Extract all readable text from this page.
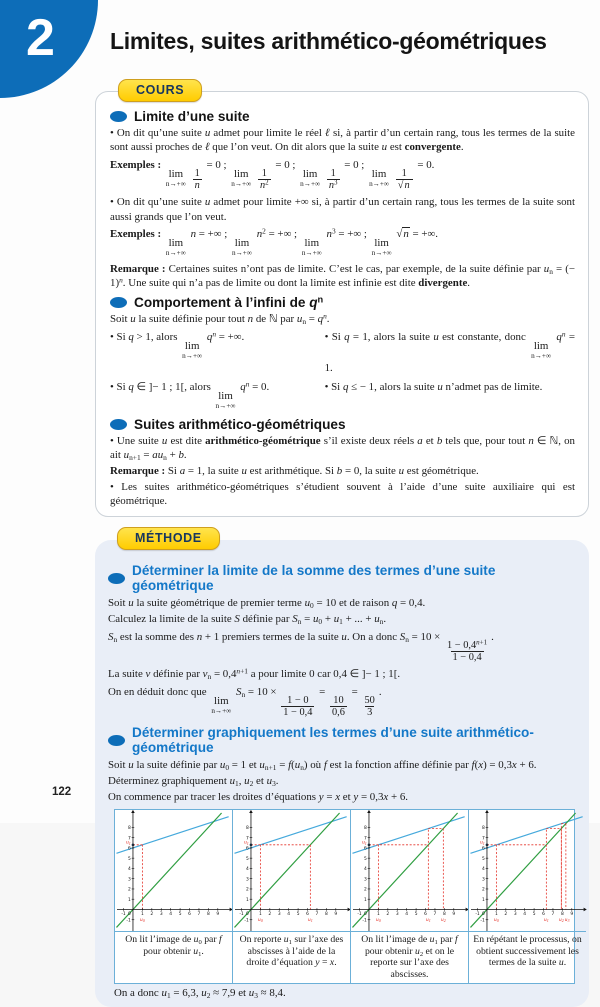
2	Limites, suites arithmético-géométriques
COURS
Limite d’une suite
• On dit qu’une suite u admet pour limite le réel ℓ si, à partir d’un certain rang, tous les termes de la suite sont aussi proches de ℓ que l’on veut. On dit alors que la suite u est convergente.
Exemples :
lim
n→+∞
$\frac{1}{n}$
= 0 ;
lim
n→+∞
$\frac{1}{n^2}$
= 0 ;
lim
n→+∞
$\frac{1}{n^3}$
= 0 ;
lim
n→+∞
$\frac{1}{√n}$
= 0.
• On dit qu’une suite u admet pour limite +∞ si, à partir d’un certain rang, tous les termes de la suite sont aussi grands que l’on veut.
Exemples :
lim
n→+∞
n = +∞ ;
lim
n→+∞
$n^2$ = +∞ ;
lim
n→+∞
$n^3$ = +∞ ;
lim
n→+∞
√n = +∞.
Remarque : Certaines suites n’ont pas de limite. C’est le cas, par exemple, de la suite définie par $u_n$ = (− 1)$^n$. Une suite qui n’a pas de limite ou dont la limite est infinie est dite divergente.
Comportement à l’infini de $q^n$
Soit u la suite définie pour tout n de ℕ par $u_n = q^n$.
• Si q > 1, alors
lim
n→+∞
$q^n$ = +∞.	• Si q = 1, alors la suite u est constante, donc
lim
n→+∞
$q^n = 1$.
• Si q ∈ ]− 1 ; 1[, alors
lim
n→+∞
$q^n = 0$.	• Si q ≤ − 1, alors la suite u n’admet pas de limite.
Suites arithmético-géométriques
• Une suite u est dite arithmético-géométrique s’il existe deux réels a et b tels que, pour tout n ∈ ℕ, on ait $u_{n+1} = au_n + b$.
Remarque : Si a = 1, la suite u est arithmétique. Si b = 0, la suite u est géométrique.
• Les suites arithmético-géométriques s’étudient souvent à l’aide d’une suite auxiliaire qui est géométrique.
MÉTHODE
Déterminer la limite de la somme des termes d’une suite géométrique
Soit u la suite géométrique de premier terme $u_0 = 10$ et de raison q = 0,4.
Calculez la limite de la suite S définie par $S_n = u_0 + u_1$ + ... + $u_n$.
$S_n$ est la somme des n + 1 premiers termes de la suite u. On a donc $S_n = 10$ ×
$\frac{1 - 0,4^{n+1}}{1 - 0,4}$
.
La suite v définie par $v_n = 0,4^{n+1}$ a pour limite 0 car 0,4 ∈ ]− 1 ; 1[.
On en déduit donc que
lim
n→+∞
$S_n = 10$ ×
$\frac{1 - 0}{1 - 0,4}$
=
$\frac{10}{0,6}$
=
$\frac{50}{3}$
.
Déterminer graphiquement les termes d’une suite arithmético-géométrique
Soit u la suite définie par $u_0 = 1$ et $u_{n+1} = f(u_n)$ où f est la fonction affine définie par f(x) = 0,3x + 6.
Déterminez graphiquement $u_1$, $u_2$ et $u_3$.
On commence par tracer les droites d’équations y = x et y = 0,3x + 6.
-1	1 2 3 4 5 6 7 8 9
-1
1
2
3
4
5
6
7
8
0
$u_0$
$u_1$
On lit l’image de $u_0$ par f pour obtenir $u_1$.
-1	1 2 3 4 5 6 7 8 9
-1
1
2
3
4
5
6
7
8
0
$u_0$	$u_1$
$u_1$
On reporte $u_1$ sur l’axe des abscisses à l’aide de la droite d’équation y = x.
-1	1 2 3 4 5 6 7 8 9
-1
1
2
3
4
5
6
7
8
0
$u_0$	$u_1$ $u_2$
$u_1$
On lit l’image de $u_1$ par f pour obtenir $u_2$ et on le reporte sur l’axe des abscisses.
-1	1 2 3 4 5 6 7 8 9
-1
1
2
3
4
5
6
7
8
0
$u_0$	$u_1$ $u_2$ $u_3$
$u_1$
En répétant le processus, on obtient successivement les termes de la suite u.
On a donc $u_1 = 6,3$, $u_2 \approx 7,9$ et $u_3 \approx 8,4$.
122
